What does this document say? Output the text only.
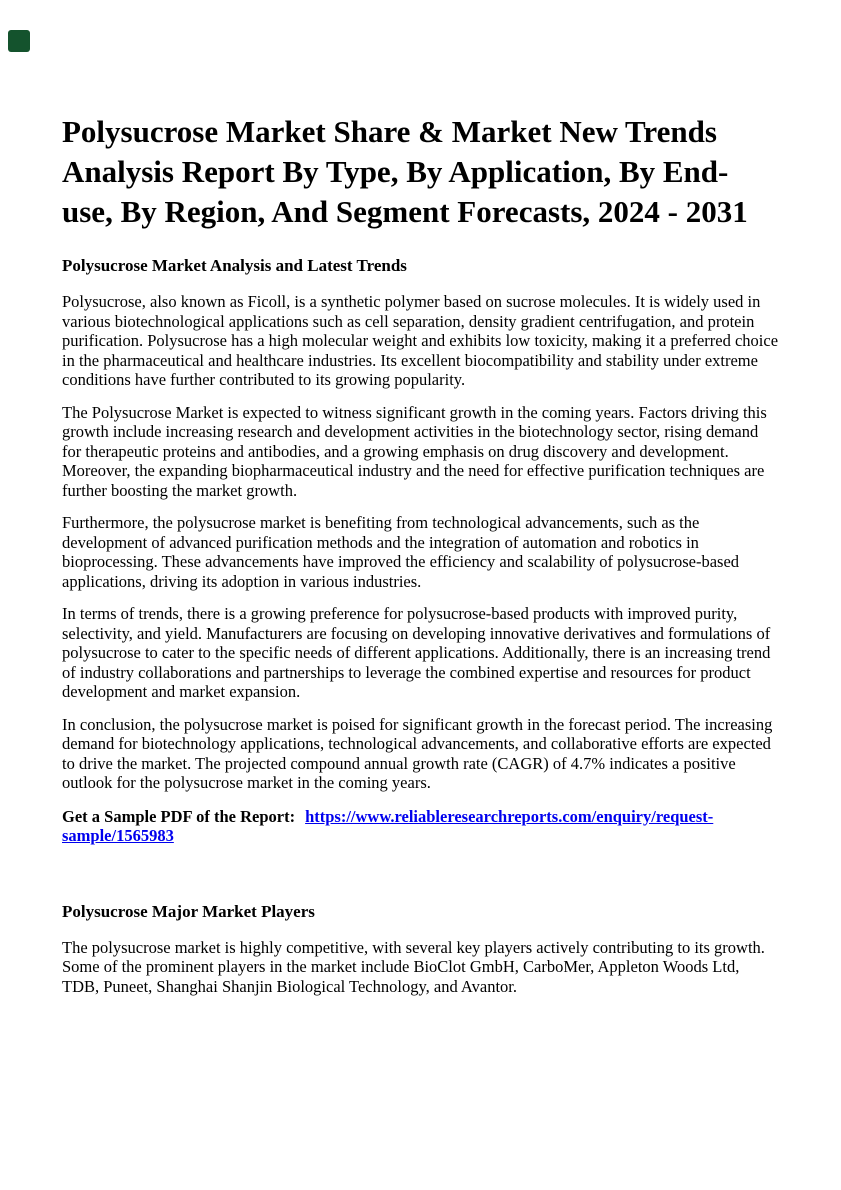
Polysucrose Market Share & Market New Trends Analysis Report By Type, By Application, By End-use, By Region, And Segment Forecasts, 2024 - 2031
Polysucrose Market Analysis and Latest Trends

Polysucrose, also known as Ficoll, is a synthetic polymer based on sucrose molecules. It is widely used in various biotechnological applications such as cell separation, density gradient centrifugation, and protein purification. Polysucrose has a high molecular weight and exhibits low toxicity, making it a preferred choice in the pharmaceutical and healthcare industries. Its excellent biocompatibility and stability under extreme conditions have further contributed to its growing popularity.

The Polysucrose Market is expected to witness significant growth in the coming years. Factors driving this growth include increasing research and development activities in the biotechnology sector, rising demand for therapeutic proteins and antibodies, and a growing emphasis on drug discovery and development. Moreover, the expanding biopharmaceutical industry and the need for effective purification techniques are further boosting the market growth.

Furthermore, the polysucrose market is benefiting from technological advancements, such as the development of advanced purification methods and the integration of automation and robotics in bioprocessing. These advancements have improved the efficiency and scalability of polysucrose-based applications, driving its adoption in various industries.

In terms of trends, there is a growing preference for polysucrose-based products with improved purity, selectivity, and yield. Manufacturers are focusing on developing innovative derivatives and formulations of polysucrose to cater to the specific needs of different applications. Additionally, there is an increasing trend of industry collaborations and partnerships to leverage the combined expertise and resources for product development and market expansion.

In conclusion, the polysucrose market is poised for significant growth in the forecast period. The increasing demand for biotechnology applications, technological advancements, and collaborative efforts are expected to drive the market. The projected compound annual growth rate (CAGR) of 4.7% indicates a positive outlook for the polysucrose market in the coming years.

Get a Sample PDF of the Report: https://www.reliableresearchreports.com/enquiry/request-
sample/1565983

Polysucrose Major Market Players

The polysucrose market is highly competitive, with several key players actively contributing to its growth. Some of the prominent players in the market include BioClot GmbH, CarboMer, Appleton Woods Ltd, TDB, Puneet, Shanghai Shanjin Biological Technology, and Avantor.
